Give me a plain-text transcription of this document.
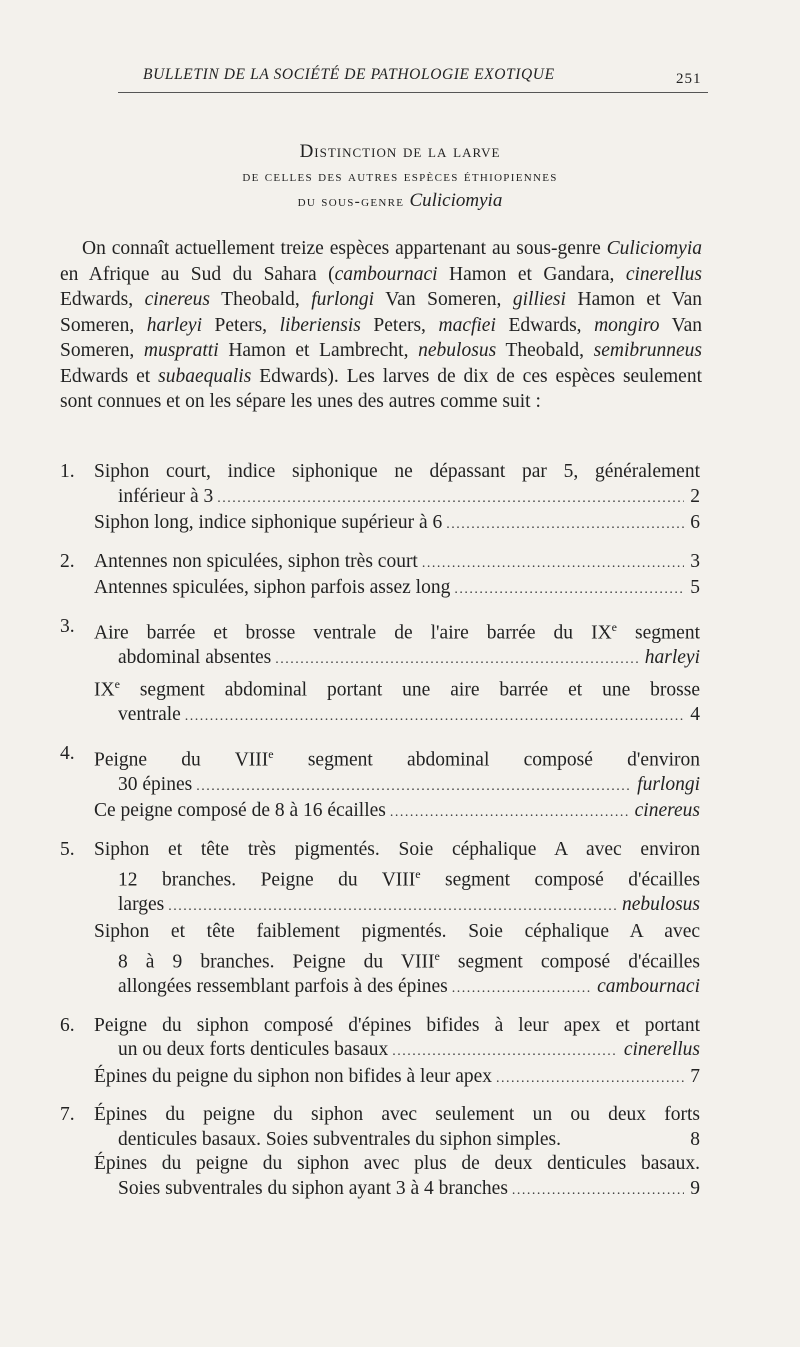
BULLETIN DE LA SOCIÉTÉ DE PATHOLOGIE EXOTIQUE	251
Distinction de la larve
de celles des autres espèces éthiopiennes
du sous-genre Culiciomyia

On connaît actuellement treize espèces appartenant au sous-genre Culiciomyia en Afrique au Sud du Sahara (cambournaci Hamon et Gandara, cinerellus Edwards, cinereus Theobald, furlongi Van Someren, gilliesi Hamon et Van Someren, harleyi Peters, liberiensis Peters, macfiei Edwards, mongiro Van Someren, muspratti Hamon et Lambrecht, nebulosus Theobald, semibrunneus Edwards et subaequalis Edwards). Les larves de dix de ces espèces seulement sont connues et on les sépare les unes des autres comme suit :

1. Siphon court, indice siphonique ne dépassant par 5, généralement
inférieur à 3 .....	2
Siphon long, indice siphonique supérieur à 6 .....	6
2. Antennes non spiculées, siphon très court .....	3
Antennes spiculées, siphon parfois assez long .....	5
3. Aire barrée et brosse ventrale de l'aire barrée du IXe segment
abdominal absentes .....	harleyi
IXe segment abdominal portant une aire barrée et une brosse
ventrale .....	4
4. Peigne du VIIIe segment abdominal composé d'environ
30 épines .....	furlongi
Ce peigne composé de 8 à 16 écailles .....	cinereus
5. Siphon et tête très pigmentés. Soie céphalique A avec environ
12 branches. Peigne du VIIIe segment composé d'écailles
larges .....	nebulosus
Siphon et tête faiblement pigmentés. Soie céphalique A avec
8 à 9 branches. Peigne du VIIIe segment composé d'écailles
allongées ressemblant parfois à des épines .....	cambournaci
6. Peigne du siphon composé d'épines bifides à leur apex et portant
un ou deux forts denticules basaux .....	cinerellus
Épines du peigne du siphon non bifides à leur apex .....	7
7. Épines du peigne du siphon avec seulement un ou deux forts
denticules basaux. Soies subventrales du siphon simples.	8
Épines du peigne du siphon avec plus de deux denticules basaux.
Soies subventrales du siphon ayant 3 à 4 branches .....	9
